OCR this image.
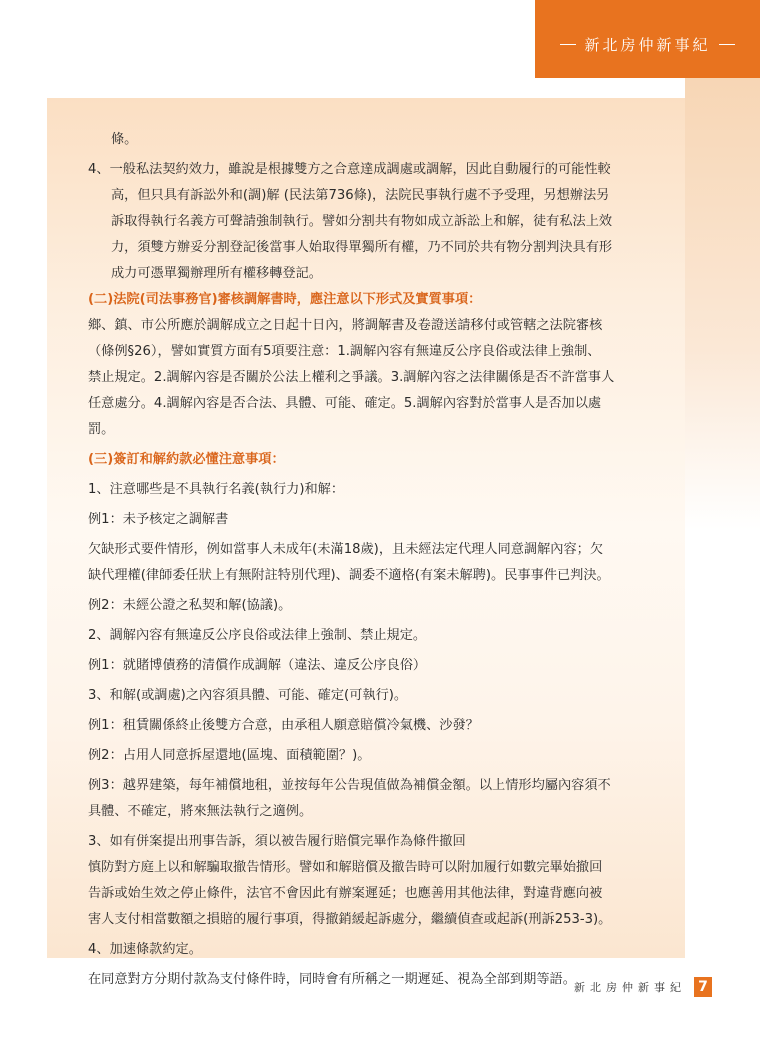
新北房仲新事紀

條。

4、一般私法契約效力，雖說是根據雙方之合意達成調處或調解，因此自動履行的可能性較

高，但只具有訴訟外和(調)解 (民法第736條)，法院民事執行處不予受理，另想辦法另

訴取得執行名義方可聲請強制執行。譬如分割共有物如成立訴訟上和解，徒有私法上效

力，須雙方辦妥分割登記後當事人始取得單獨所有權，乃不同於共有物分割判決具有形

成力可憑單獨辦理所有權移轉登記。

(二)法院(司法事務官)審核調解書時，應注意以下形式及實質事項：

鄉、鎮、市公所應於調解成立之日起十日內，將調解書及卷證送請移付或管轄之法院審核

（條例§26），譬如實質方面有5項要注意：1.調解內容有無違反公序良俗或法律上強制、

禁止規定。2.調解內容是否關於公法上權利之爭議。3.調解內容之法律關係是否不許當事人

任意處分。4.調解內容是否合法、具體、可能、確定。5.調解內容對於當事人是否加以處

罰。

(三)簽訂和解約款必懂注意事項：

1、注意哪些是不具執行名義(執行力)和解：

例1：未予核定之調解書

欠缺形式要件情形，例如當事人未成年(未滿18歲)，且未經法定代理人同意調解內容；欠

缺代理權(律師委任狀上有無附註特別代理)、調委不適格(有案未解聘)。民事事件已判決。

例2：未經公證之私契和解(協議)。

2、調解內容有無違反公序良俗或法律上強制、禁止規定。

例1：就賭博債務的清償作成調解（違法、違反公序良俗）

3、和解(或調處)之內容須具體、可能、確定(可執行)。

例1：租賃關係終止後雙方合意，由承租人願意賠償冷氣機、沙發？

例2：占用人同意拆屋還地(區塊、面積範圍？)。

例3：越界建築，每年補償地租，並按每年公告現值做為補償金額。以上情形均屬內容須不

具體、不確定，將來無法執行之適例。

3、如有併案提出刑事告訴，須以被告履行賠償完畢作為條件撤回

慎防對方庭上以和解騙取撤告情形。譬如和解賠償及撤告時可以附加履行如數完畢始撤回

告訴或始生效之停止條件，法官不會因此有辦案遲延；也應善用其他法律，對違背應向被

害人支付相當數額之損賠的履行事項，得撤銷緩起訴處分，繼續偵查或起訴(刑訴253-3)。

4、加速條款約定。

在同意對方分期付款為支付條件時，同時會有所稱之一期遲延、視為全部到期等語。

新北房仲新事紀 7
